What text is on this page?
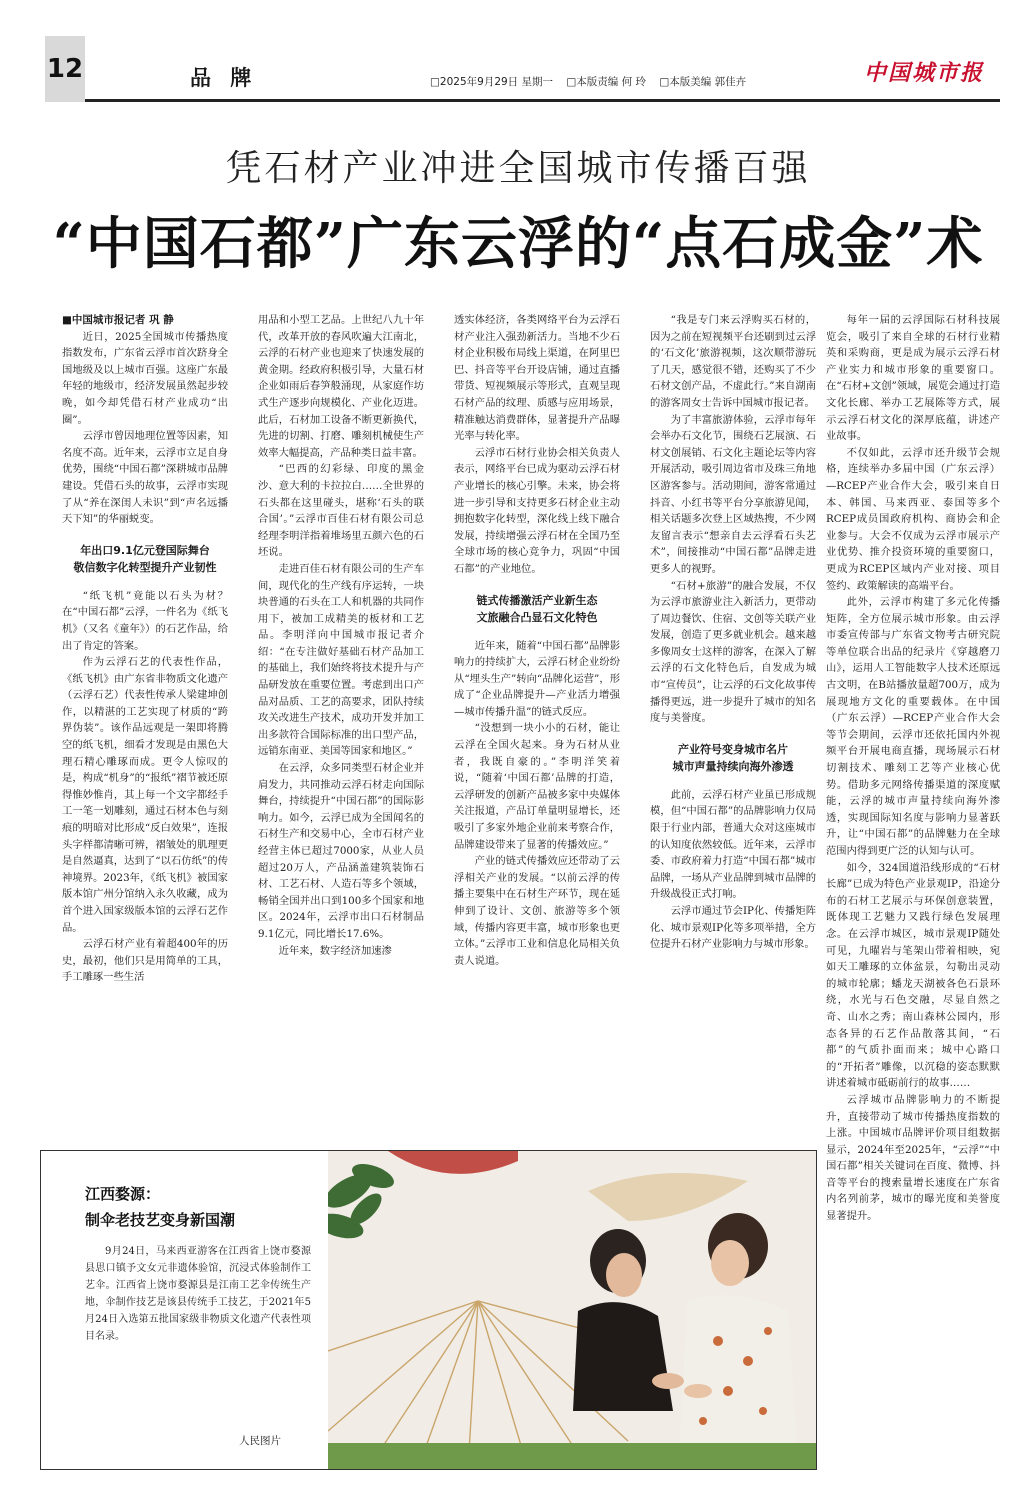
12	品 牌	□2025年9月29日 星期一 □本版责编 何 玲 □本版美编 郭佳卉	中国城市报
凭石材产业冲进全国城市传播百强
“中国石都”广东云浮的“点石成金”术

■中国城市报记者 巩 静

近日，2025全国城市传播热度指数发布，广东省云浮市首次跻身全国地级及以上城市百强。这座广东最年轻的地级市，经济发展虽然起步较晚，如今却凭借石材产业成功“出圈”。

云浮市曾因地理位置等因素，知名度不高。近年来，云浮市立足自身优势，围绕“中国石都”深耕城市品牌建设。凭借石头的故事，云浮市实现了从“养在深闺人未识”到“声名远播天下知”的华丽蜕变。

年出口9.1亿元登国际舞台
敬信数字化转型提升产业韧性

“纸飞机”竟能以石头为材？在“中国石都”云浮，一件名为《纸飞机》（又名《童年》）的石艺作品，给出了肯定的答案。

作为云浮石艺的代表性作品，《纸飞机》由广东省非物质文化遗产（云浮石艺）代表性传承人梁建坤创作，以精湛的工艺实现了材质的“跨界伪装”。该作品远观是一架即将腾空的纸飞机，细看才发现是由黑色大理石精心雕琢而成。更令人惊叹的是，构成“机身”的“报纸”褶节被还原得惟妙惟肖，其上每一个文字都经手工一笔一划雕刻，通过石材本色与刻痕的明暗对比形成“反白效果”，连报头字样都清晰可辨，褶皱处的肌理更是自然逼真，达到了“以石仿纸”的传神境界。2023年，《纸飞机》被国家版本馆广州分馆纳入永久收藏，成为首个进入国家级版本馆的云浮石艺作品。

云浮石材产业有着超400年的历史，最初，他们只是用简单的工具，手工雕琢一些生活

用品和小型工艺品。上世纪八九十年代，改革开放的春风吹遍大江南北，云浮的石材产业也迎来了快速发展的黄金期。经政府积极引导，大量石材企业如雨后春笋般涌现，从家庭作坊式生产逐步向规模化、产业化迈进。此后，石材加工设备不断更新换代，先进的切割、打磨、雕刻机械使生产效率大幅提高，产品种类日益丰富。

“巴西的幻彩绿、印度的黑金沙、意大利的卡拉拉白……全世界的石头都在这里碰头，堪称‘石头的联合国’。”云浮市百佳石材有限公司总经理李明洋指着堆场里五颜六色的石坯说。

走进百佳石材有限公司的生产车间，现代化的生产线有序运转，一块块普通的石头在工人和机器的共同作用下，被加工成精美的板材和工艺品。李明洋向中国城市报记者介绍：“在专注做好基础石材产品加工的基础上，我们始终将技术提升与产品研发放在重要位置。考虑到出口产品对品质、工艺的高要求，团队持续攻关改进生产技术，成功开发并加工出多款符合国际标准的出口型产品，远销东南亚、美国等国家和地区。”

在云浮，众多同类型石材企业并肩发力，共同推动云浮石材走向国际舞台，持续提升“中国石都”的国际影响力。如今，云浮已成为全国闻名的石材生产和交易中心，全市石材产业经营主体已超过7000家，从业人员超过20万人，产品涵盖建筑装饰石材、工艺石材、人造石等多个领域，畅销全国并出口到100多个国家和地区。2024年，云浮市出口石材制品9.1亿元，同比增长17.6%。

近年来，数字经济加速渗

透实体经济，各类网络平台为云浮石材产业注入强劲新活力。当地不少石材企业积极布局线上渠道，在阿里巴巴、抖音等平台开设店铺，通过直播带货、短视频展示等形式，直观呈现石材产品的纹理、质感与应用场景，精准触达消费群体，显著提升产品曝光率与转化率。

云浮市石材行业协会相关负责人表示，网络平台已成为驱动云浮石材产业增长的核心引擎。未来，协会将进一步引导和支持更多石材企业主动拥抱数字化转型，深化线上线下融合发展，持续增强云浮石材在全国乃至全球市场的核心竞争力，巩固“中国石都”的产业地位。

链式传播激活产业新生态
文旅融合凸显石文化特色

近年来，随着“中国石都”品牌影响力的持续扩大，云浮石材企业纷纷从“埋头生产”转向“品牌化运营”，形成了“企业品牌提升—产业活力增强—城市传播升温”的链式反应。

“没想到一块小小的石材，能让云浮在全国火起来。身为石材从业者，我既自豪的。”李明洋笑着说，“随着‘中国石都’品牌的打造，云浮研发的创新产品被多家中央媒体关注报道，产品订单量明显增长，还吸引了多家外地企业前来考察合作，品牌建设带来了显著的传播效应。”

产业的链式传播效应还带动了云浮相关产业的发展。“以前云浮的传播主要集中在石材生产环节，现在延伸到了设计、文创、旅游等多个领域，传播内容更丰富，城市形象也更立体。”云浮市工业和信息化局相关负责人说道。

“我是专门来云浮购买石材的，因为之前在短视频平台还刷到过云浮的‘石文化’旅游视频，这次顺带游玩了几天，感觉很不错，还购买了不少石材文创产品，不虚此行。”来自湖南的游客周女士告诉中国城市报记者。

为了丰富旅游体验，云浮市每年会举办石文化节，围绕石艺展演、石材文创展销、石文化主题论坛等内容开展活动，吸引周边省市及珠三角地区游客参与。活动期间，游客常通过抖音、小红书等平台分享旅游见闻，相关话题多次登上区域热搜，不少网友留言表示“想亲自去云浮看石头艺术”，间接推动“中国石都”品牌走进更多人的视野。

“石材+旅游”的融合发展，不仅为云浮市旅游业注入新活力，更带动了周边餐饮、住宿、文创等关联产业发展，创造了更多就业机会。越来越多像周女士这样的游客，在深入了解云浮的石文化特色后，自发成为城市“宣传员”，让云浮的石文化故事传播得更远，进一步提升了城市的知名度与美誉度。

产业符号变身城市名片
城市声量持续向海外渗透

此前，云浮石材产业虽已形成规模，但“中国石都”的品牌影响力仅局限于行业内部，普通大众对这座城市的认知度依然较低。近年来，云浮市委、市政府着力打造“中国石都”城市品牌，一场从产业品牌到城市品牌的升级战役正式打响。

云浮市通过节会IP化、传播矩阵化、城市景观IP化等多项举措，全方位提升石材产业影响力与城市形象。

每年一届的云浮国际石材科技展览会，吸引了来自全球的石材行业精英和采购商，更是成为展示云浮石材产业实力和城市形象的重要窗口。在“石材+文创”领域，展览会通过打造文化长廊、举办工艺展陈等方式，展示云浮石材文化的深厚底蕴，讲述产业故事。

不仅如此，云浮市还升级节会规格，连续举办多届中国（广东云浮）—RCEP产业合作大会，吸引来自日本、韩国、马来西亚、泰国等多个RCEP成员国政府机构、商协会和企业参与。大会不仅成为云浮市展示产业优势、推介投资环境的重要窗口，更成为RCEP区域内产业对接、项目签约、政策解读的高端平台。

此外，云浮市构建了多元化传播矩阵，全方位展示城市形象。由云浮市委宣传部与广东省文物考古研究院等单位联合出品的纪录片《穿越磨刀山》，运用人工智能数字人技术还原远古文明，在B站播放量超700万，成为展现地方文化的重要载体。在中国（广东云浮）—RCEP产业合作大会等节会期间，云浮市还依托国内外视频平台开展电商直播，现场展示石材切割技术、雕刻工艺等产业核心优势。借助多元网络传播渠道的深度赋能，云浮的城市声量持续向海外渗透，实现国际知名度与影响力显著跃升，让“中国石都”的品牌魅力在全球范围内得到更广泛的认知与认可。

如今，324国道沿线形成的“石材长廊”已成为特色产业景观IP，沿途分布的石材工艺展示与环保创意装置，既体现工艺魅力又践行绿色发展理念。在云浮市城区，城市景观IP随处可见，九曜岩与笔架山带着相映，宛如天工雕琢的立体盆景，勾勒出灵动的城市轮廓；蟠龙天湖被各色石景环绕，水光与石色交融，尽显自然之奇、山水之秀；南山森林公园内，形态各异的石艺作品散落其间，“石都”的气质扑面而来；城中心路口的“开拓者”雕像，以沉稳的姿态默默讲述着城市砥砺前行的故事……

云浮城市品牌影响力的不断提升，直接带动了城市传播热度指数的上涨。中国城市品牌评价项目组数据显示，2024年至2025年，“云浮”“中国石都”相关关键词在百度、微博、抖音等平台的搜索量增长速度在广东省内名列前茅，城市的曝光度和美誉度显著提升。

江西婺源：
制伞老技艺变身新国潮
9月24日，马来西亚游客在江西省上饶市婺源县思口镇予文女元非遗体验馆，沉浸式体验制作工艺伞。江西省上饶市婺源县是江南工艺伞传统生产地，伞制作技艺是该县传统手工技艺，于2021年5月24日入选第五批国家级非物质文化遗产代表性项目名录。
人民图片
